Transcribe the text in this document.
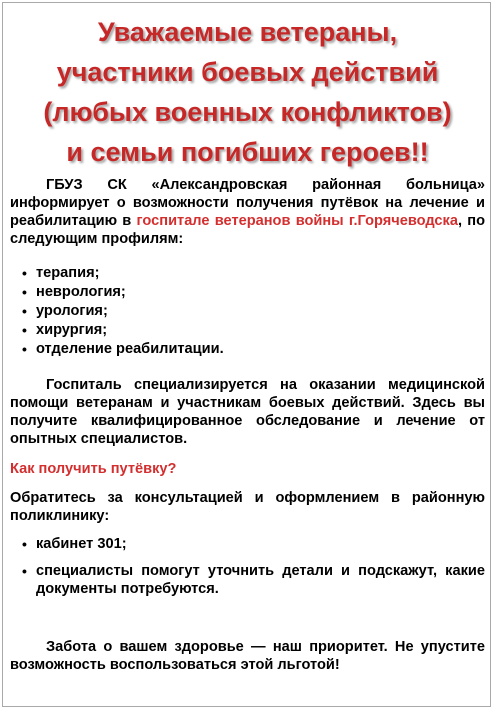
Уважаемые ветераны,
участники боевых действий
(любых военных конфликтов)
и семьи погибших героев!!

ГБУЗ СК «Александровская районная больница» информирует о возможности получения путёвок на лечение и реабилитацию в госпитале ветеранов войны г.Горячеводска, по следующим профилям:

• терапия;
• неврология;
• урология;
• хирургия;
• отделение реабилитации.

Госпиталь специализируется на оказании медицинской помощи ветеранам и участникам боевых действий. Здесь вы получите квалифицированное обследование и лечение от опытных специалистов.

Как получить путёвку?

Обратитесь за консультацией и оформлением в районную поликлинику:

• кабинет 301;
• специалисты помогут уточнить детали и подскажут, какие документы потребуются.

Забота о вашем здоровье — наш приоритет. Не упустите возможность воспользоваться этой льготой!
